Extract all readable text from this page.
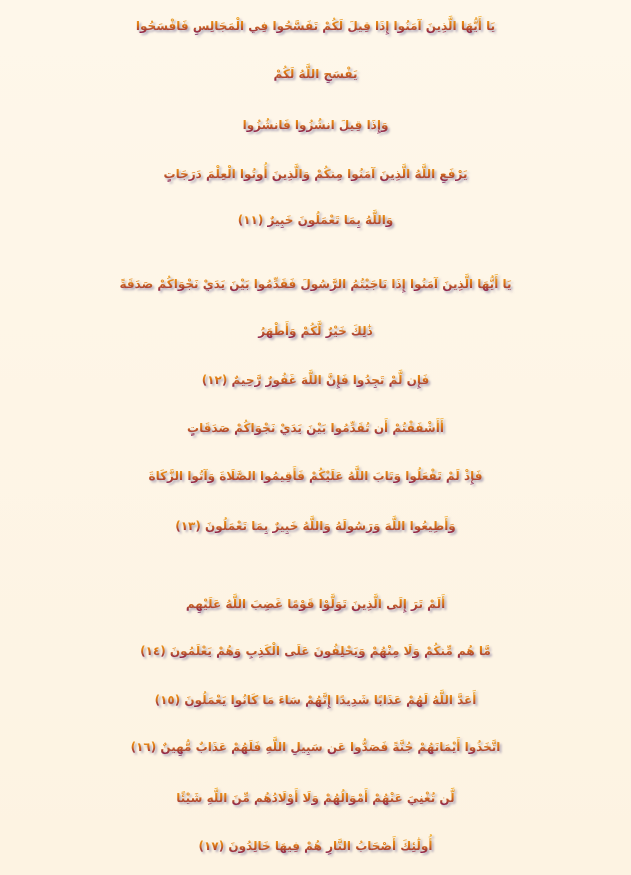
يَا أَيُّهَا الَّذِينَ آمَنُوا إِذَا قِيلَ لَكُمْ تَفَسَّحُوا فِي الْمَجَالِسِ فَافْسَحُوا
يَفْسَحِ اللَّهُ لَكُمْ
وَإِذَا قِيلَ انشُزُوا فَانشُزُوا
يَرْفَعِ اللَّهُ الَّذِينَ آمَنُوا مِنكُمْ وَالَّذِينَ أُوتُوا الْعِلْمَ دَرَجَاتٍ
وَاللَّهُ بِمَا تَعْمَلُونَ خَبِيرٌ (١١)
يَا أَيُّهَا الَّذِينَ آمَنُوا إِذَا نَاجَيْتُمُ الرَّسُولَ فَقَدِّمُوا بَيْنَ يَدَيْ نَجْوَاكُمْ صَدَقَةً
ذَٰلِكَ خَيْرٌ لَّكُمْ وَأَطْهَرُ
فَإِن لَّمْ تَجِدُوا فَإِنَّ اللَّهَ غَفُورٌ رَّحِيمٌ (١٢)
أَأَشْفَقْتُمْ أَن تُقَدِّمُوا بَيْنَ يَدَيْ نَجْوَاكُمْ صَدَقَاتٍ
فَإِذْ لَمْ تَفْعَلُوا وَتَابَ اللَّهُ عَلَيْكُمْ فَأَقِيمُوا الصَّلَاةَ وَآتُوا الزَّكَاةَ
وَأَطِيعُوا اللَّهَ وَرَسُولَهُ وَاللَّهُ خَبِيرٌ بِمَا تَعْمَلُونَ (١٣)
أَلَمْ تَرَ إِلَى الَّذِينَ تَوَلَّوْا قَوْمًا غَضِبَ اللَّهُ عَلَيْهِم
مَّا هُم مِّنكُمْ وَلَا مِنْهُمْ وَيَحْلِفُونَ عَلَى الْكَذِبِ وَهُمْ يَعْلَمُونَ (١٤)
أَعَدَّ اللَّهُ لَهُمْ عَذَابًا شَدِيدًا إِنَّهُمْ سَاءَ مَا كَانُوا يَعْمَلُونَ (١٥)
اتَّخَذُوا أَيْمَانَهُمْ جُنَّةً فَصَدُّوا عَن سَبِيلِ اللَّهِ فَلَهُمْ عَذَابٌ مُّهِينٌ (١٦)
لَّن تُغْنِيَ عَنْهُمْ أَمْوَالُهُمْ وَلَا أَوْلَادُهُم مِّنَ اللَّهِ شَيْئًا
أُولَٰئِكَ أَصْحَابُ النَّارِ هُمْ فِيهَا خَالِدُونَ (١٧)
